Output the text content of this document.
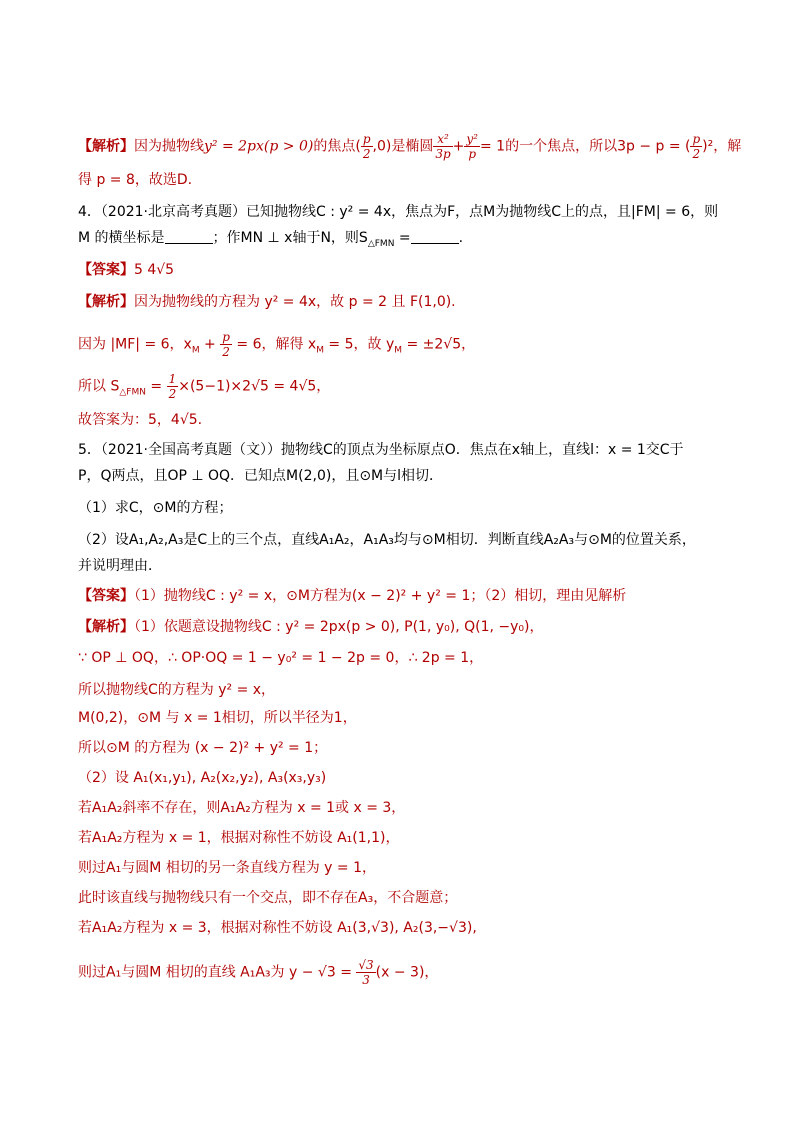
【解析】因为抛物线y² = 2px(p > 0)的焦点( $\frac{p}{2} ,0$)是椭圆 $\frac{\text{x²}}{3p} + \frac{\text{y²}}{p} = 1$的一个焦点，所以3p − p = ( $\frac{p}{2} )^2$，解
得 p = 8，故选D.
4．（2021·北京高考真题）已知抛物线C : y² = 4x，焦点为F，点M为抛物线C上的点，且|FM| = 6，则
M 的横坐标是	；作MN ⊥ x轴于N，则$S_{\triangle FMN}$ =	.
【答案】5 4√5
【解析】因为抛物线的方程为 y² = 4x，故 p = 2 且 F(1,0).
因为 |MF| = 6，$x_M + \frac{p}{2} = 6$，解得 $x_M = 5$，故 $y_M = \pm 2√5$，
所以 $S_{\triangle FMN} = \frac{1}{2} \times(5-1)\times 2√5 = 4√5$，
故答案为：5，4√5.
5．（2021·全国高考真题（文））抛物线C的顶点为坐标原点O．焦点在x轴上，直线l：x = 1交C于
P，Q两点，且OP ⊥ OQ．已知点M(2,0)，且⊙M与l相切．
（1）求C，⊙M的方程；
（2）设A₁,A₂,A₃是C上的三个点，直线A₁A₂，A₁A₃均与⊙M相切．判断直线A₂A₃与⊙M的位置关系，
并说明理由．
【答案】（1）抛物线C : y² = x，⊙M方程为(x − 2)² + y² = 1；（2）相切，理由见解析
【解析】（1）依题意设抛物线C : y² = 2px(p > 0), P(1, y₀), Q(1, −y₀)，
∵ OP ⊥ OQ，∴ OP·OQ = 1 − y₀² = 1 − 2p = 0，∴ 2p = 1，
所以抛物线C的方程为 y² = x，
M(0,2)，⊙M 与 x = 1相切，所以半径为1，
所以⊙M 的方程为 (x − 2)² + y² = 1；
（2）设 A₁(x₁,y₁), A₂(x₂,y₂), A₃(x₃,y₃)
若A₁A₂斜率不存在，则A₁A₂方程为 x = 1或 x = 3，
若A₁A₂方程为 x = 1，根据对称性不妨设 A₁(1,1)，
则过A₁与圆M 相切的另一条直线方程为 y = 1，
此时该直线与抛物线只有一个交点，即不存在A₃，不合题意；
若A₁A₂方程为 x = 3，根据对称性不妨设 A₁(3,√3), A₂(3,−√3),
则过A₁与圆M 相切的直线 A₁A₃为 $y - √3 = \frac{√3}{3} (x - 3)$，
